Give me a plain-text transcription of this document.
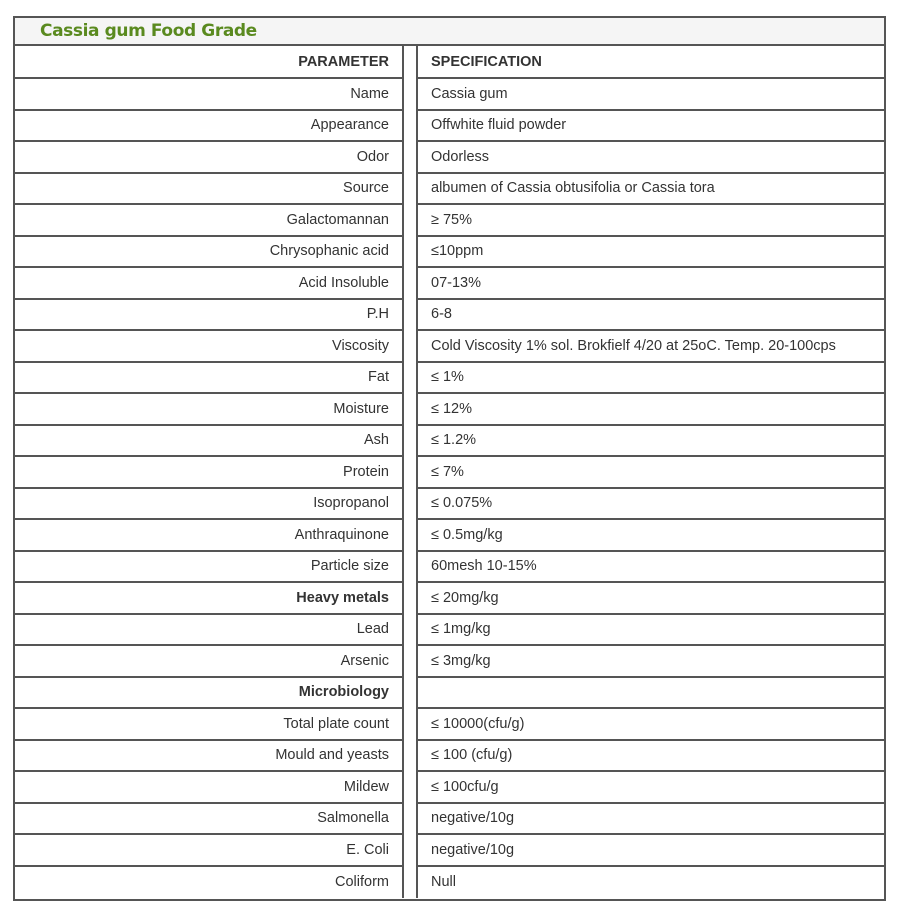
Cassia gum Food Grade
PARAMETER		SPECIFICATION
Name		Cassia gum
Appearance		Offwhite fluid powder
Odor		Odorless
Source		albumen of Cassia obtusifolia or Cassia tora
Galactomannan		≥ 75%
Chrysophanic acid		≤10ppm
Acid Insoluble		07-13%
P.H		6-8
Viscosity		Cold Viscosity 1% sol. Brokfielf 4/20 at 25oC. Temp. 20-100cps
Fat		≤ 1%
Moisture		≤ 12%
Ash		≤ 1.2%
Protein		≤ 7%
Isopropanol		≤ 0.075%
Anthraquinone		≤ 0.5mg/kg
Particle size		60mesh 10-15%
Heavy metals		≤ 20mg/kg
Lead		≤ 1mg/kg
Arsenic		≤ 3mg/kg
Microbiology		
Total plate count		≤ 10000(cfu/g)
Mould and yeasts		≤ 100 (cfu/g)
Mildew		≤ 100cfu/g
Salmonella		negative/10g
E. Coli		negative/10g
Coliform		Null
